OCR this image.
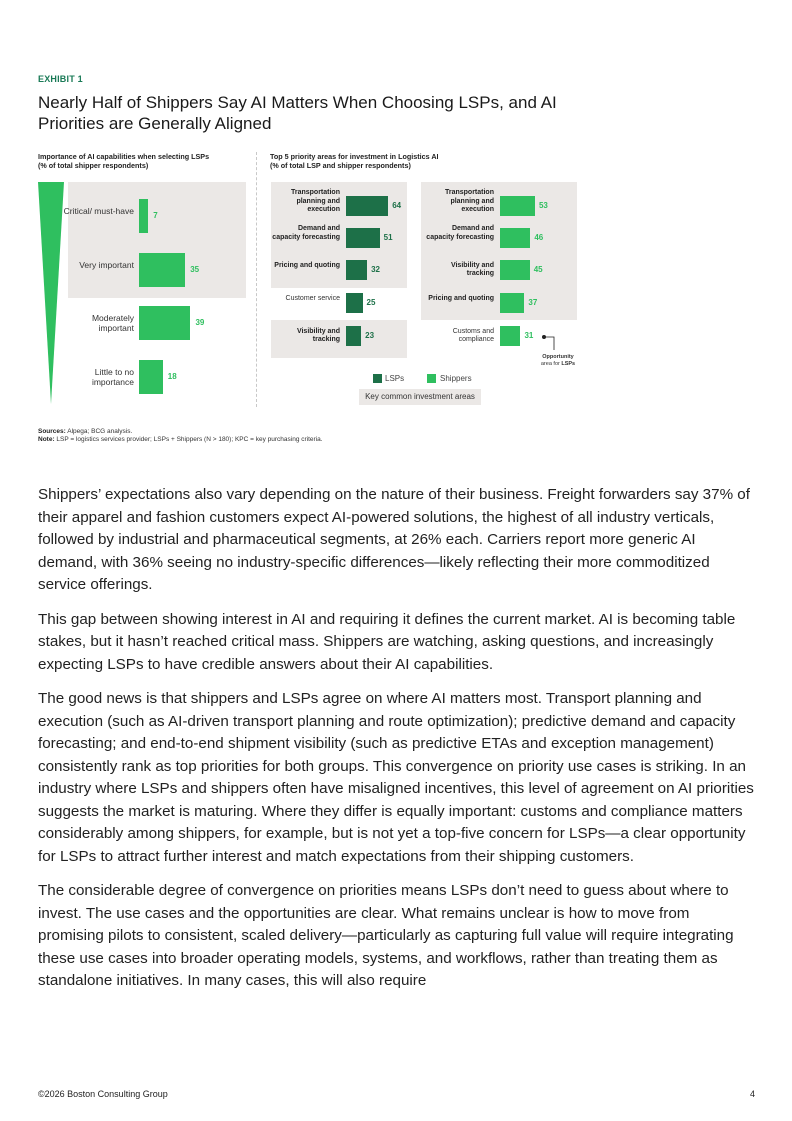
EXHIBIT 1
Nearly Half of Shippers Say AI Matters When Choosing LSPs, and AI Priorities are Generally Aligned
Importance of AI capabilities when selecting LSPs
(% of total shipper respondents)
KPC relevancy	Critical/ must-have 7
Very important	35
Moderately important
39
Little to no importance
18
Top 5 priority areas for investment in Logistics AI
(% of total LSP and shipper respondents)
Transportation planning and execution	64
Demand and capacity forecasting	51
Pricing and quoting	32
Customer service	25
Visibility and tracking	23
Transportation planning and execution	53
Demand and capacity forecasting	46
Visibility and tracking	45
Pricing and quoting	37
Customs and compliance	31
Opportunity
area for LSPs
LSPs	Shippers
Key common investment areas
Sources: Alpega; BCG analysis.
Note: LSP = logistics services provider; LSPs + Shippers (N > 180); KPC = key purchasing criteria.

Shippers’ expectations also vary depending on the nature of their business. Freight forwarders say 37% of their apparel and fashion customers expect AI-powered solutions, the highest of all industry verticals, followed by industrial and pharmaceutical segments, at 26% each. Carriers report more generic AI demand, with 36% seeing no industry-specific differences—likely reflecting their more commoditized service offerings.

This gap between showing interest in AI and requiring it defines the current market. AI is becoming table stakes, but it hasn’t reached critical mass. Shippers are watching, asking questions, and increasingly expecting LSPs to have credible answers about their AI capabilities.

The good news is that shippers and LSPs agree on where AI matters most. Transport planning and execution (such as AI-driven transport planning and route optimization); predictive demand and capacity forecasting; and end-to-end shipment visibility (such as predictive ETAs and exception management) consistently rank as top priorities for both groups. This convergence on priority use cases is striking. In an industry where LSPs and shippers often have misaligned incentives, this level of agreement on AI priorities suggests the market is maturing. Where they differ is equally important: customs and compliance matters considerably among shippers, for example, but is not yet a top-five concern for LSPs—a clear opportunity for LSPs to attract further interest and match expectations from their shipping customers.

The considerable degree of convergence on priorities means LSPs don’t need to guess about where to invest. The use cases and the opportunities are clear. What remains unclear is how to move from promising pilots to consistent, scaled delivery—particularly as capturing full value will require integrating these use cases into broader operating models, systems, and workflows, rather than treating them as standalone initiatives. In many cases, this will also require

©2026 Boston Consulting Group	4
